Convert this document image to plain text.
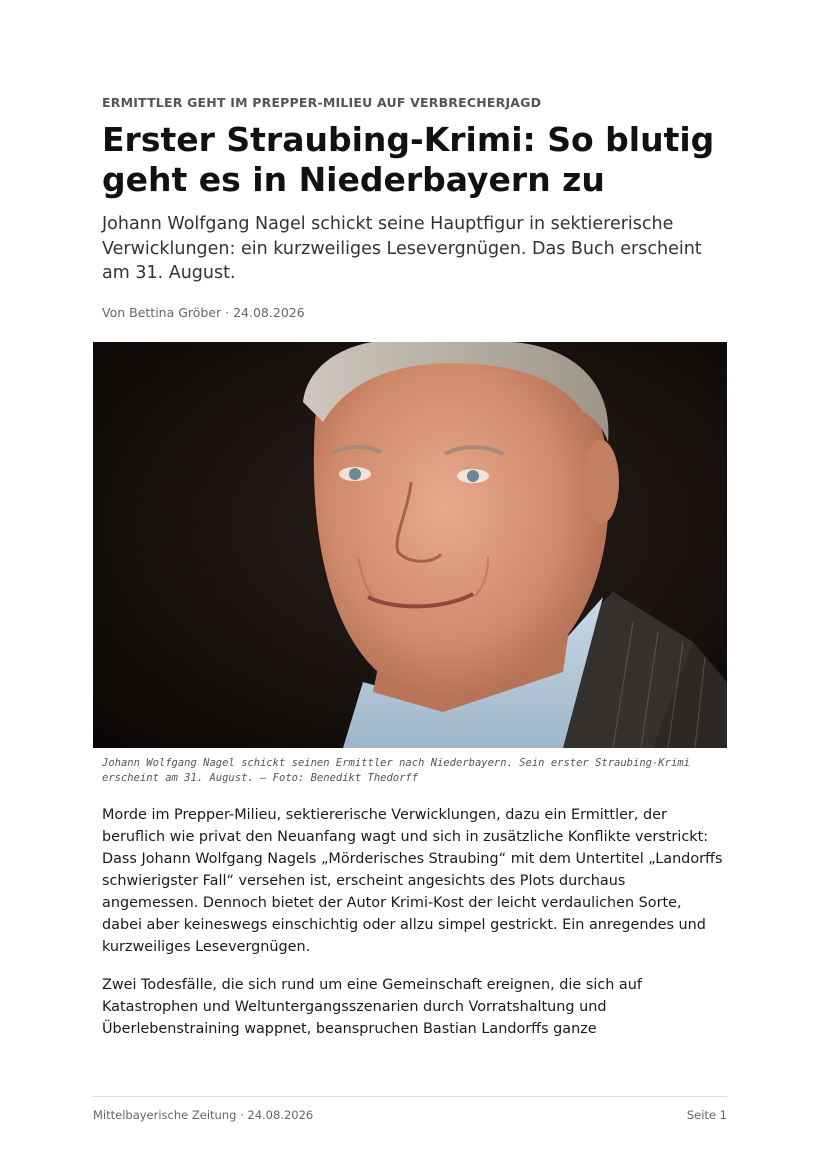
ERMITTLER GEHT IM PREPPER-MILIEU AUF VERBRECHERJAGD
Erster Straubing-Krimi: So blutig geht es in Niederbayern zu

Johann Wolfgang Nagel schickt seine Hauptfigur in sektiererische Verwicklungen: ein kurzweiliges Lesevergnügen. Das Buch erscheint am 31. August.

Von Bettina Gröber · 24.08.2026

Johann Wolfgang Nagel schickt seinen Ermittler nach Niederbayern. Sein erster Straubing-Krimi erscheint am 31. August. – Foto: Benedikt Thedorff

Morde im Prepper-Milieu, sektiererische Verwicklungen, dazu ein Ermittler, der beruflich wie privat den Neuanfang wagt und sich in zusätzliche Konflikte verstrickt: Dass Johann Wolfgang Nagels „Mörderisches Straubing“ mit dem Untertitel „Landorffs schwierigster Fall“ versehen ist, erscheint angesichts des Plots durchaus angemessen. Dennoch bietet der Autor Krimi-Kost der leicht verdaulichen Sorte, dabei aber keineswegs einschichtig oder allzu simpel gestrickt. Ein anregendes und kurzweiliges Lesevergnügen.

Zwei Todesfälle, die sich rund um eine Gemeinschaft ereignen, die sich auf Katastrophen und Weltuntergangsszenarien durch Vorratshaltung und Überlebenstraining wappnet, beanspruchen Bastian Landorffs ganze

Mittelbayerische Zeitung · 24.08.2026	Seite 1
